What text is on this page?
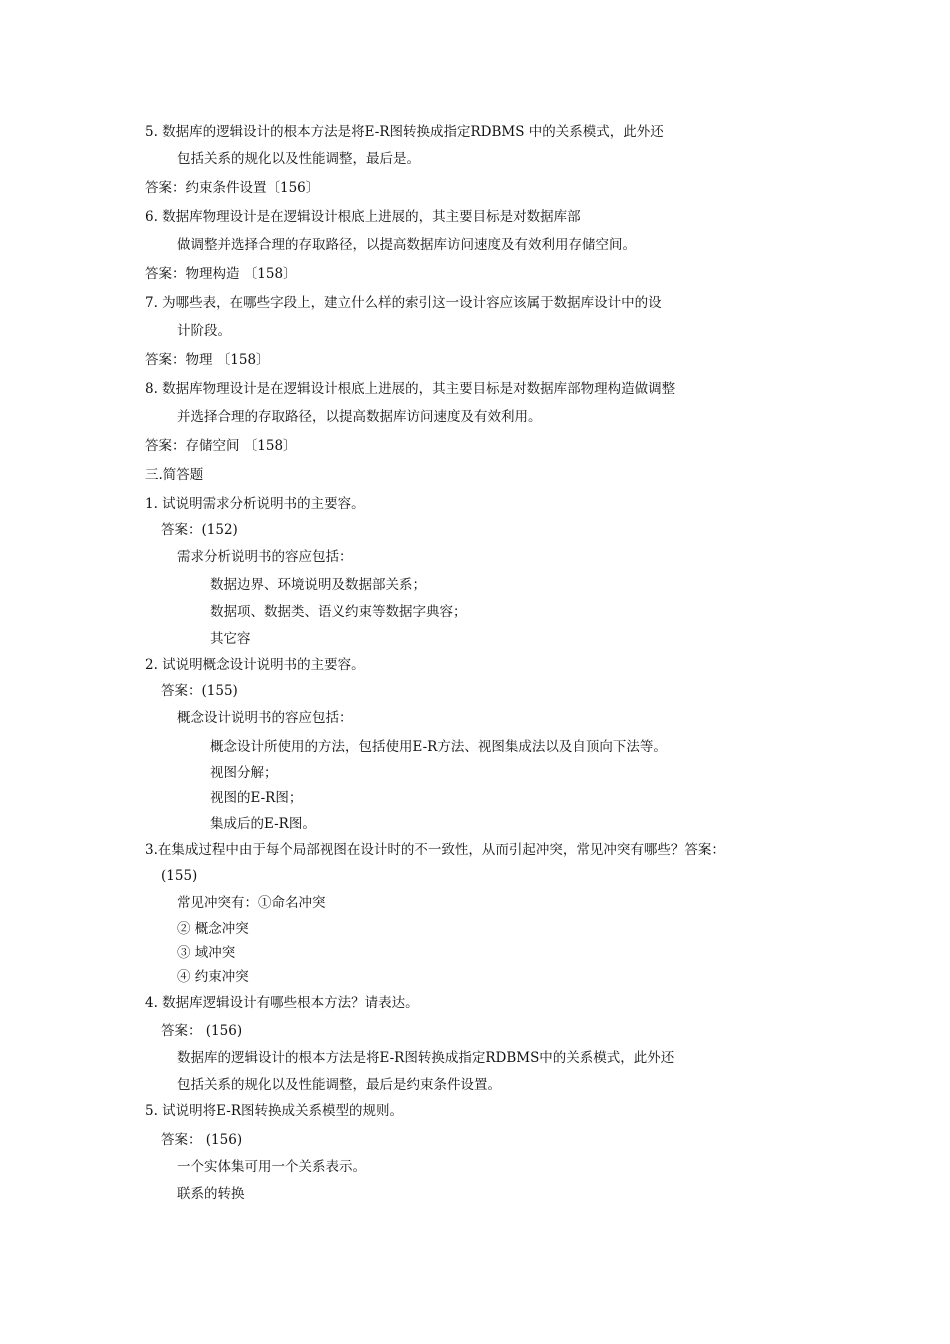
5. 数据库的逻辑设计的根本方法是将E-R图转换成指定RDBMS 中的关系模式，此外还
包括关系的规化以及性能调整，最后是。
答案：约束条件设置〔156〕
6. 数据库物理设计是在逻辑设计根底上进展的，其主要目标是对数据库部
做调整并选择合理的存取路径，以提高数据库访问速度及有效利用存储空间。
答案：物理构造 〔158〕
7. 为哪些表，在哪些字段上，建立什么样的索引这一设计容应该属于数据库设计中的设
计阶段。
答案：物理 〔158〕
8. 数据库物理设计是在逻辑设计根底上进展的，其主要目标是对数据库部物理构造做调整
并选择合理的存取路径，以提高数据库访问速度及有效利用。
答案：存储空间 〔158〕
三.简答题
1. 试说明需求分析说明书的主要容。
答案：(152)
需求分析说明书的容应包括：
数据边界、环境说明及数据部关系；
数据项、数据类、语义约束等数据字典容；
其它容
2. 试说明概念设计说明书的主要容。
答案：(155)
概念设计说明书的容应包括：
概念设计所使用的方法，包括使用E-R方法、视图集成法以及自顶向下法等。
视图分解；
视图的E-R图；
集成后的E-R图。
3.在集成过程中由于每个局部视图在设计时的不一致性，从而引起冲突，常见冲突有哪些？答案：
(155)
常见冲突有：①命名冲突
② 概念冲突
③ 域冲突
④ 约束冲突
4. 数据库逻辑设计有哪些根本方法？请表达。
答案： (156)
数据库的逻辑设计的根本方法是将E-R图转换成指定RDBMS中的关系模式，此外还
包括关系的规化以及性能调整，最后是约束条件设置。
5. 试说明将E-R图转换成关系模型的规则。
答案： (156)
一个实体集可用一个关系表示。
联系的转换
